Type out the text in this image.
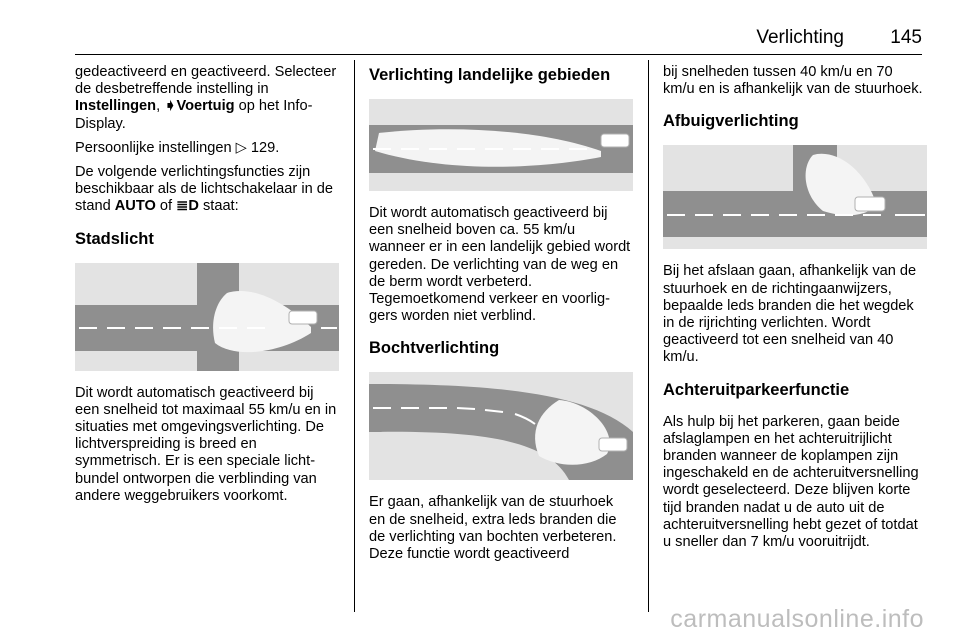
Verlichting 145

gedeactiveerd en geactiveerd. Selecteer de desbetreffende instelling in Instellingen, ➧Voertuig op het Info-Display.

Persoonlijke instellingen ▷ 129.

De volgende verlichtingsfuncties zijn beschikbaar als de lichtschakelaar in de stand AUTO of ≣D staat:

Stadslicht

Dit wordt automatisch geactiveerd bij een snelheid tot maximaal 55 km/u en in situaties met omgevingsverlichting. De lichtverspreiding is breed en symmetrisch. Er is een speciale lichtbundel ontworpen die verblinding van andere weggebruikers voorkomt.

Verlichting landelijke gebieden

Dit wordt automatisch geactiveerd bij een snelheid boven ca. 55 km/u wanneer er in een landelijk gebied wordt gereden. De verlichting van de weg en de berm wordt verbeterd. Tegemoetkomend verkeer en voorliggers worden niet verblind.

Bochtverlichting

Er gaan, afhankelijk van de stuurhoek en de snelheid, extra leds branden die de verlichting van bochten verbeteren. Deze functie wordt geactiveerd

bij snelheden tussen 40 km/u en 70 km/u en is afhankelijk van de stuurhoek.

Afbuigverlichting

Bij het afslaan gaan, afhankelijk van de stuurhoek en de richtingaanwijzers, bepaalde leds branden die het wegdek in de rijrichting verlichten. Wordt geactiveerd tot een snelheid van 40 km/u.

Achteruitparkeerfunctie

Als hulp bij het parkeren, gaan beide afslaglampen en het achteruitrijlicht branden wanneer de koplampen zijn ingeschakeld en de achteruitversnelling wordt geselecteerd. Deze blijven korte tijd branden nadat u de auto uit de achteruitversnelling hebt gezet of totdat u sneller dan 7 km/u vooruitrijdt.

carmanualsonline.info
